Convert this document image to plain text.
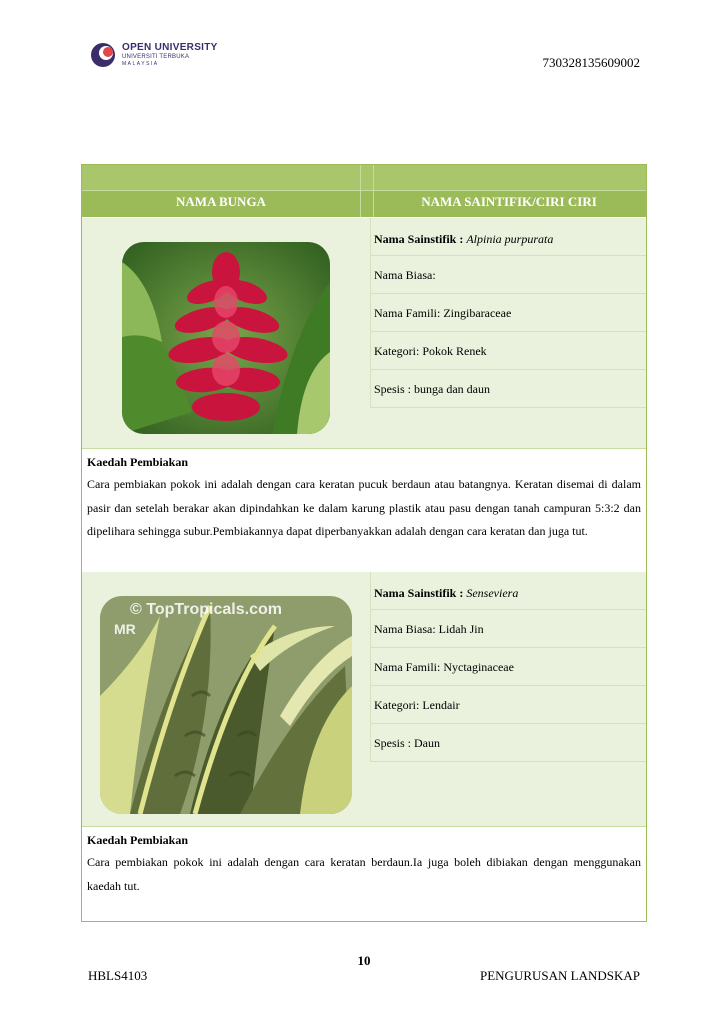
OPEN UNIVERSITY
UNIVERSITI TERBUKA
MALAYSIA	730328135609002
NAMA BUNGA	NAMA SAINTIFIK/CIRI CIRI
Nama Sainstifik : Alpinia purpurata
Nama Biasa:
Nama Famili: Zingibaraceae
Kategori: Pokok Renek
Spesis : bunga dan daun
Kaedah Pembiakan

Cara pembiakan pokok ini adalah dengan cara keratan pucuk berdaun atau batangnya. Keratan disemai di dalam pasir dan setelah berakar akan dipindahkan ke dalam karung plastik atau pasu dengan tanah campuran 5:3:2 dan dipelihara sehingga subur.Pembiakannya dapat diperbanyakkan adalah dengan cara keratan dan juga tut.

© TopTropicals.com
MR
Nama Sainstifik : Senseviera
Nama Biasa: Lidah Jin
Nama Famili: Nyctaginaceae
Kategori: Lendair
Spesis : Daun
Kaedah Pembiakan

Cara pembiakan pokok ini adalah dengan cara keratan berdaun.Ia juga boleh dibiakan dengan menggunakan kaedah tut.

10
HBLS4103	PENGURUSAN LANDSKAP
